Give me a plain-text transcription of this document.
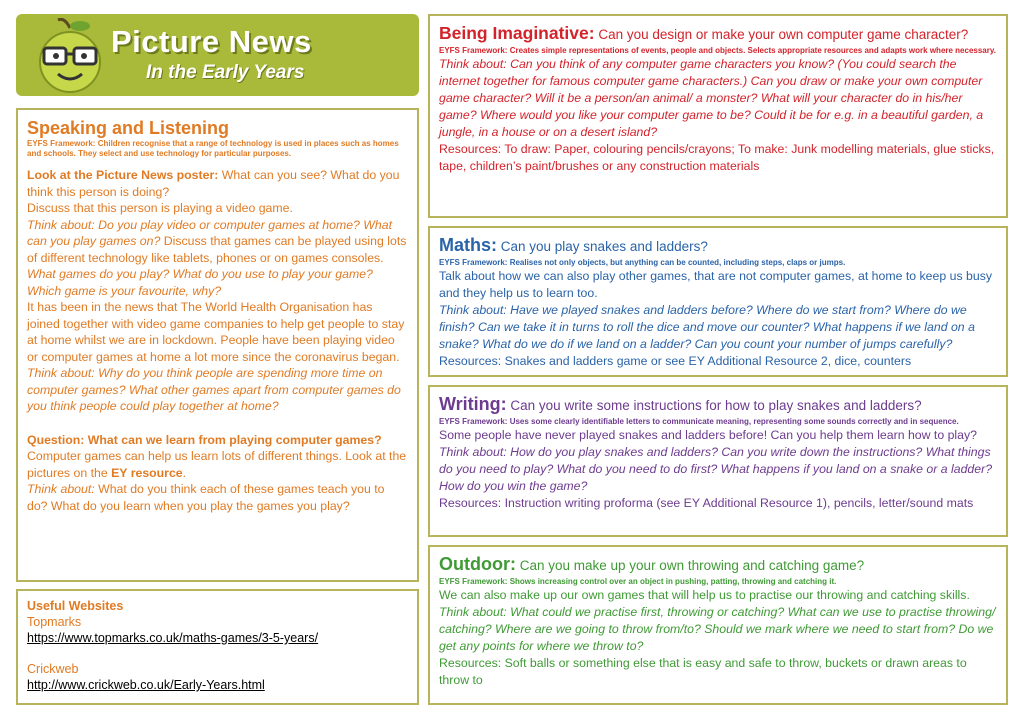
Picture News
In the Early Years
Speaking and Listening
EYFS Framework: Children recognise that a range of technology is used in places such as homes and schools. They select and use technology for particular purposes.

Look at the Picture News poster: What can you see? What do you think this person is doing?

Discuss that this person is playing a video game.

Think about: Do you play video or computer games at home? What can you play games on? Discuss that games can be played using lots of different technology like tablets, phones or on games consoles. What games do you play? What do you use to play your game? Which game is your favourite, why?

It has been in the news that The World Health Organisation has joined together with video game companies to help get people to stay at home whilst we are in lockdown. People have been playing video or computer games at home a lot more since the coronavirus began.

Think about: Why do you think people are spending more time on computer games? What other games apart from computer games do you think people could play together at home?

Question: What can we learn from playing computer games?

Computer games can help us learn lots of different things. Look at the pictures on the EY resource.

Think about: What do you think each of these games teach you to do? What do you learn when you play the games you play?

Useful Websites
Topmarks
https://www.topmarks.co.uk/maths-games/3-5-years/
Crickweb
http://www.crickweb.co.uk/Early-Years.html
Being Imaginative: Can you design or make your own computer game character?
EYFS Framework: Creates simple representations of events, people and objects. Selects appropriate resources and adapts work where necessary.

Think about: Can you think of any computer game characters you know? (You could search the internet together for famous computer game characters.) Can you draw or make your own computer game character? Will it be a person/an animal/ a monster? What will your character do in his/her game? Where would you like your computer game to be? Could it be for e.g. in a beautiful garden, a jungle, in a house or on a desert island?

Resources: To draw: Paper, colouring pencils/crayons; To make: Junk modelling materials, glue sticks, tape, children’s paint/brushes or any construction materials

Maths: Can you play snakes and ladders?
EYFS Framework: Realises not only objects, but anything can be counted, including steps, claps or jumps.

Talk about how we can also play other games, that are not computer games, at home to keep us busy and they help us to learn too.

Think about: Have we played snakes and ladders before? Where do we start from? Where do we finish? Can we take it in turns to roll the dice and move our counter? What happens if we land on a snake? What do we do if we land on a ladder? Can you count your number of jumps carefully?

Resources: Snakes and ladders game or see EY Additional Resource 2, dice, counters

Writing: Can you write some instructions for how to play snakes and ladders?
EYFS Framework: Uses some clearly identifiable letters to communicate meaning, representing some sounds correctly and in sequence.

Some people have never played snakes and ladders before! Can you help them learn how to play?

Think about: How do you play snakes and ladders? Can you write down the instructions? What things do you need to play? What do you need to do first? What happens if you land on a snake or a ladder? How do you win the game?

Resources: Instruction writing proforma (see EY Additional Resource 1), pencils, letter/sound mats

Outdoor: Can you make up your own throwing and catching game?
EYFS Framework: Shows increasing control over an object in pushing, patting, throwing and catching it.

We can also make up our own games that will help us to practise our throwing and catching skills.

Think about: What could we practise first, throwing or catching? What can we use to practise throwing/ catching? Where are we going to throw from/to? Should we mark where we need to start from? Do we get any points for where we throw to?

Resources: Soft balls or something else that is easy and safe to throw, buckets or drawn areas to throw to
